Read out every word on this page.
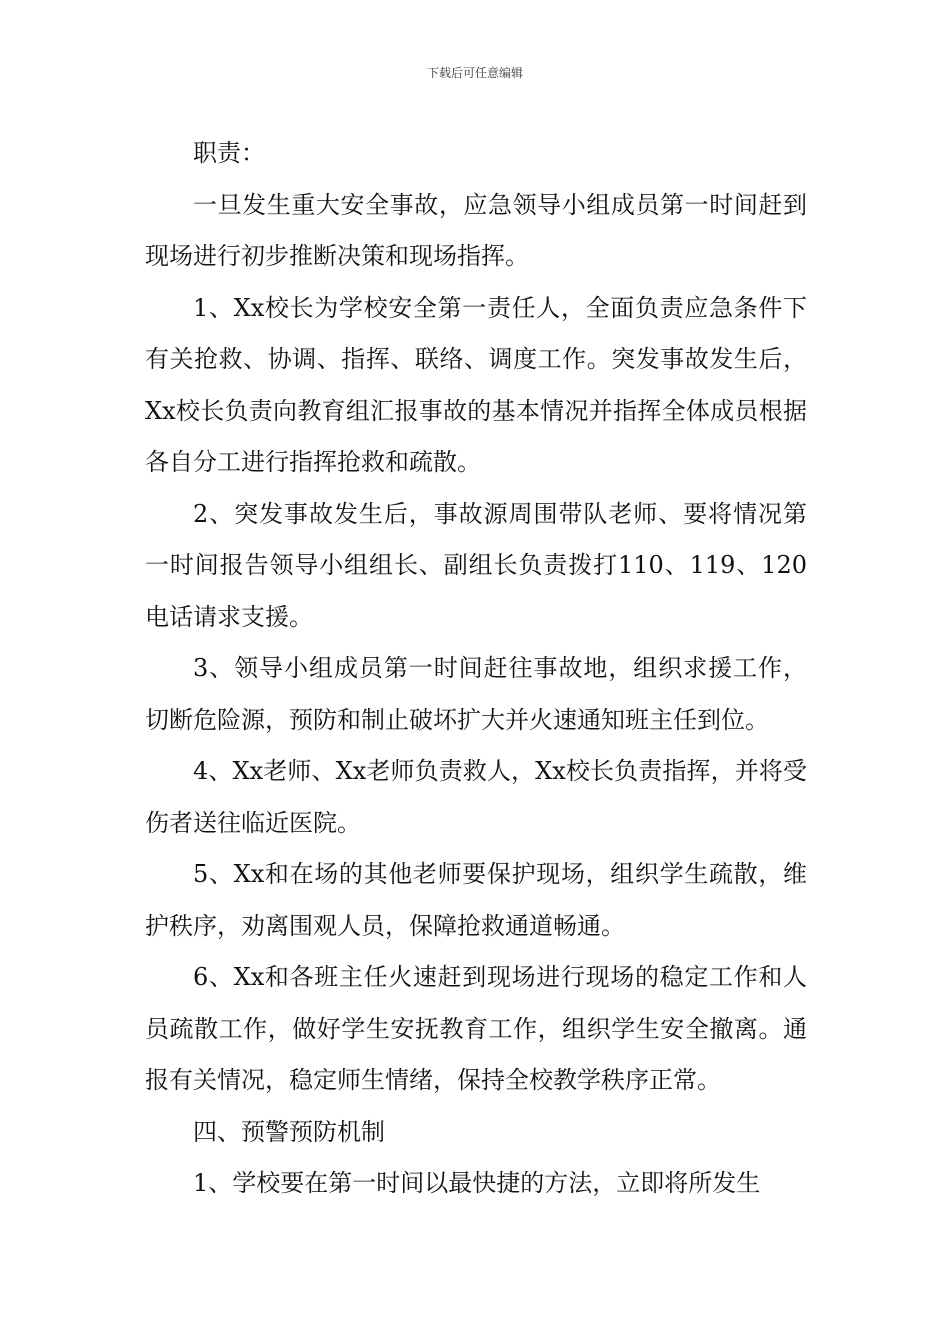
下载后可任意编辑

职责：

一旦发生重大安全事故，应急领导小组成员第一时间赶到现场进行初步推断决策和现场指挥。

1、Xx校长为学校安全第一责任人，全面负责应急条件下有关抢救、协调、指挥、联络、调度工作。突发事故发生后，Xx校长负责向教育组汇报事故的基本情况并指挥全体成员根据各自分工进行指挥抢救和疏散。

2、突发事故发生后，事故源周围带队老师、要将情况第一时间报告领导小组组长、副组长负责拨打110、119、120电话请求支援。

3、领导小组成员第一时间赶往事故地，组织求援工作，切断危险源，预防和制止破坏扩大并火速通知班主任到位。

4、Xx老师、Xx老师负责救人，Xx校长负责指挥，并将受伤者送往临近医院。

5、Xx和在场的其他老师要保护现场，组织学生疏散，维护秩序，劝离围观人员，保障抢救通道畅通。

6、Xx和各班主任火速赶到现场进行现场的稳定工作和人员疏散工作，做好学生安抚教育工作，组织学生安全撤离。通报有关情况，稳定师生情绪，保持全校教学秩序正常。

四、预警预防机制

1、学校要在第一时间以最快捷的方法，立即将所发生
